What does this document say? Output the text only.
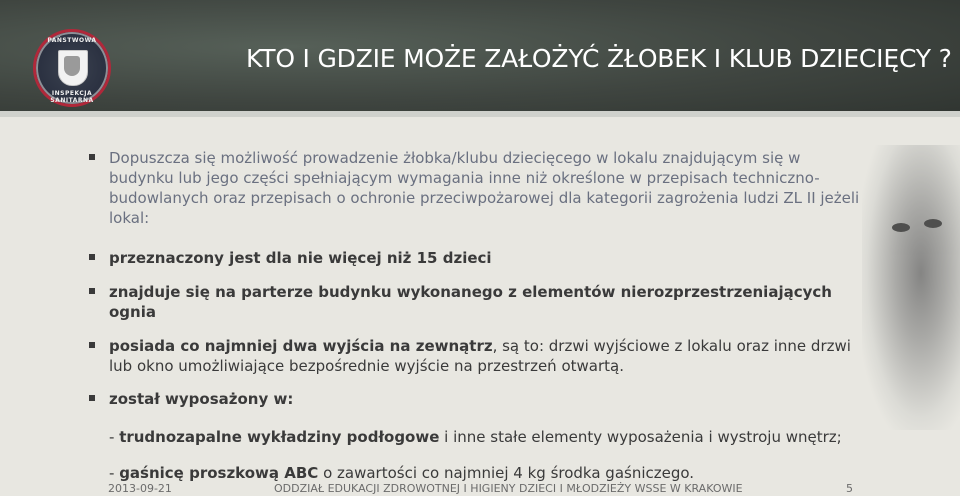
PAŃSTWOWA
INSPEKCJA SANITARNA
KTO I GDZIE MOŻE ZAŁOŻYĆ ŻŁOBEK I KLUB DZIECIĘCY ?
Dopuszcza się możliwość prowadzenie żłobka/klubu dziecięcego w lokalu znajdującym się w budynku lub jego części spełniającym wymagania inne niż określone w przepisach techniczno-budowlanych oraz przepisach o ochronie przeciwpożarowej dla kategorii zagrożenia ludzi ZL II jeżeli lokal:
przeznaczony jest dla nie więcej niż 15 dzieci
znajduje się na parterze budynku wykonanego z elementów nierozprzestrzeniających ognia
posiada co najmniej dwa wyjścia na zewnątrz, są to: drzwi wyjściowe z lokalu oraz inne drzwi lub okno umożliwiające bezpośrednie wyjście na przestrzeń otwartą.
został wyposażony w:
- trudnozapalne wykładziny podłogowe i inne stałe elementy wyposażenia i wystroju wnętrz;
- gaśnicę proszkową ABC o zawartości co najmniej 4 kg środka gaśniczego.
2013-09-21	ODDZIAŁ EDUKACJI ZDROWOTNEJ I HIGIENY DZIECI I MŁODZIEŻY WSSE W KRAKOWIE	5
